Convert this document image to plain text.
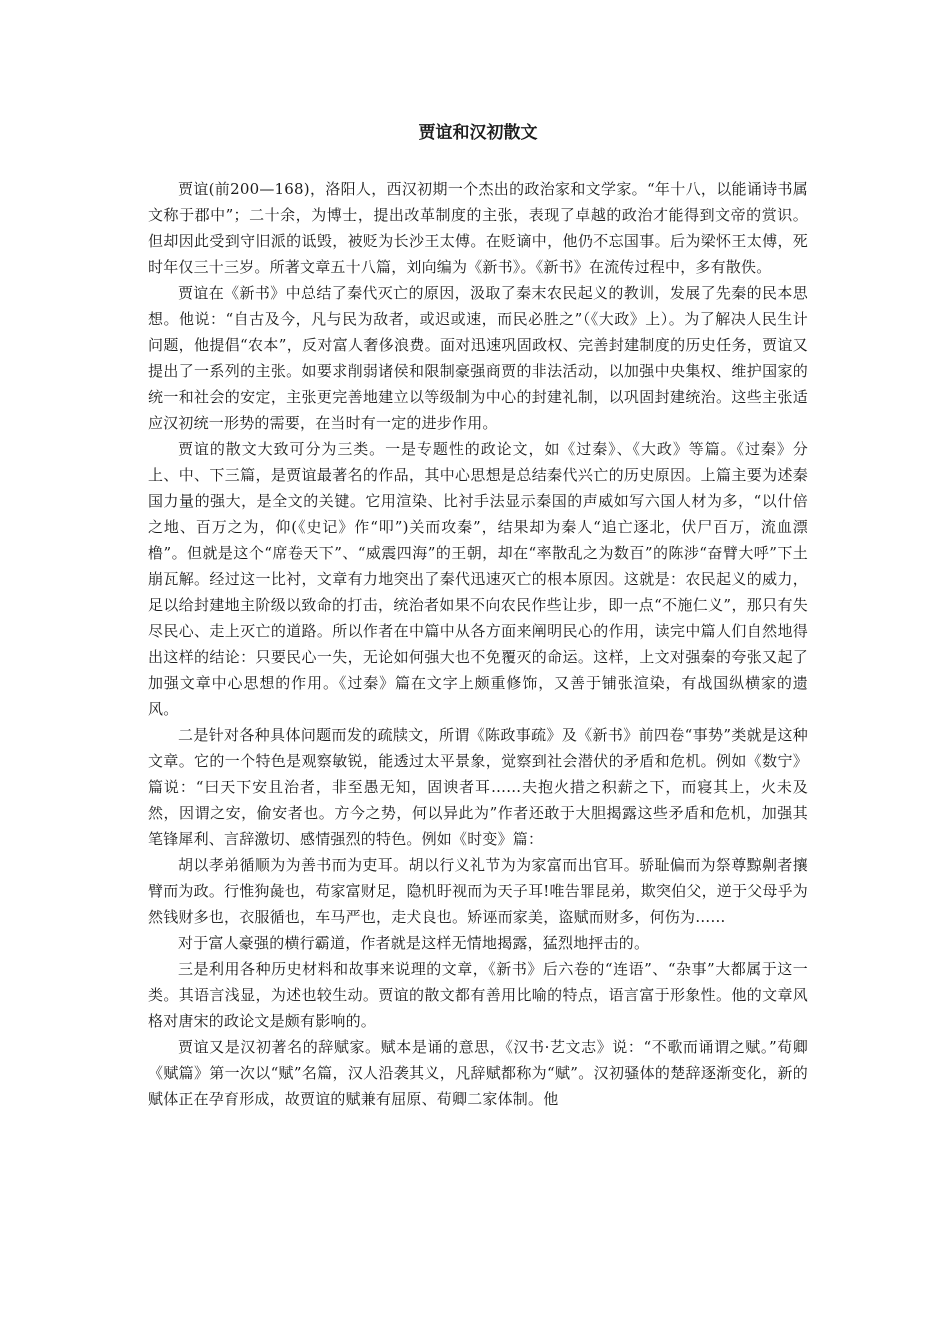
贾谊和汉初散文

贾谊(前200—168)，洛阳人，西汉初期一个杰出的政治家和文学家。“年十八，以能诵诗书属文称于郡中”；二十余，为博士，提出改革制度的主张，表现了卓越的政治才能得到文帝的赏识。但却因此受到守旧派的诋毁，被贬为长沙王太傅。在贬谪中，他仍不忘国事。后为梁怀王太傅，死时年仅三十三岁。所著文章五十八篇，刘向编为《新书》。《新书》在流传过程中，多有散佚。

贾谊在《新书》中总结了秦代灭亡的原因，汲取了秦末农民起义的教训，发展了先秦的民本思想。他说：“自古及今，凡与民为敌者，或迟或速，而民必胜之”（《大政》上）。为了解决人民生计问题，他提倡“农本”，反对富人奢侈浪费。面对迅速巩固政权、完善封建制度的历史任务，贾谊又提出了一系列的主张。如要求削弱诸侯和限制豪强商贾的非法活动，以加强中央集权、维护国家的统一和社会的安定，主张更完善地建立以等级制为中心的封建礼制，以巩固封建统治。这些主张适应汉初统一形势的需要，在当时有一定的进步作用。

贾谊的散文大致可分为三类。一是专题性的政论文，如《过秦》、《大政》等篇。《过秦》分上、中、下三篇，是贾谊最著名的作品，其中心思想是总结秦代兴亡的历史原因。上篇主要为述秦国力量的强大，是全文的关键。它用渲染、比衬手法显示秦国的声威如写六国人材为多，“以什倍之地、百万之为，仰(《史记》作“叩”)关而攻秦”，结果却为秦人“追亡逐北，伏尸百万，流血漂橹”。但就是这个“席卷天下”、“威震四海”的王朝，却在“率散乱之为数百”的陈涉“奋臂大呼”下土崩瓦解。经过这一比衬，文章有力地突出了秦代迅速灭亡的根本原因。这就是：农民起义的威力，足以给封建地主阶级以致命的打击，统治者如果不向农民作些让步，即一点“不施仁义”，那只有失尽民心、走上灭亡的道路。所以作者在中篇中从各方面来阐明民心的作用，读完中篇人们自然地得出这样的结论：只要民心一失，无论如何强大也不免覆灭的命运。这样，上文对强秦的夸张又起了加强文章中心思想的作用。《过秦》篇在文字上颇重修饰，又善于铺张渲染，有战国纵横家的遗风。

二是针对各种具体问题而发的疏牍文，所谓《陈政事疏》及《新书》前四卷“事势”类就是这种文章。它的一个特色是观察敏锐，能透过太平景象，觉察到社会潜伏的矛盾和危机。例如《数宁》篇说：“曰天下安且治者，非至愚无知，固谀者耳……夫抱火措之积薪之下，而寝其上，火未及然，因谓之安，偷安者也。方今之势，何以异此为”作者还敢于大胆揭露这些矛盾和危机，加强其笔锋犀利、言辞激切、感情强烈的特色。例如《时变》篇：

胡以孝弟循顺为为善书而为吏耳。胡以行义礼节为为家富而出官耳。骄耻偏而为祭尊黥劓者攘臂而为政。行惟狗彘也，苟家富财足，隐机盱视而为天子耳!唯告罪昆弟，欺突伯父，逆于父母乎为然钱财多也，衣服循也，车马严也，走犬良也。矫诬而家美，盗赋而财多，何伤为……

对于富人豪强的横行霸道，作者就是这样无情地揭露，猛烈地抨击的。

三是利用各种历史材料和故事来说理的文章，《新书》后六卷的“连语”、“杂事”大都属于这一类。其语言浅显，为述也较生动。贾谊的散文都有善用比喻的特点，语言富于形象性。他的文章风格对唐宋的政论文是颇有影响的。

贾谊又是汉初著名的辞赋家。赋本是诵的意思，《汉书·艺文志》说：“不歌而诵谓之赋。”荀卿《赋篇》第一次以“赋”名篇，汉人沿袭其义，凡辞赋都称为“赋”。汉初骚体的楚辞逐渐变化，新的赋体正在孕育形成，故贾谊的赋兼有屈原、荀卿二家体制。他
